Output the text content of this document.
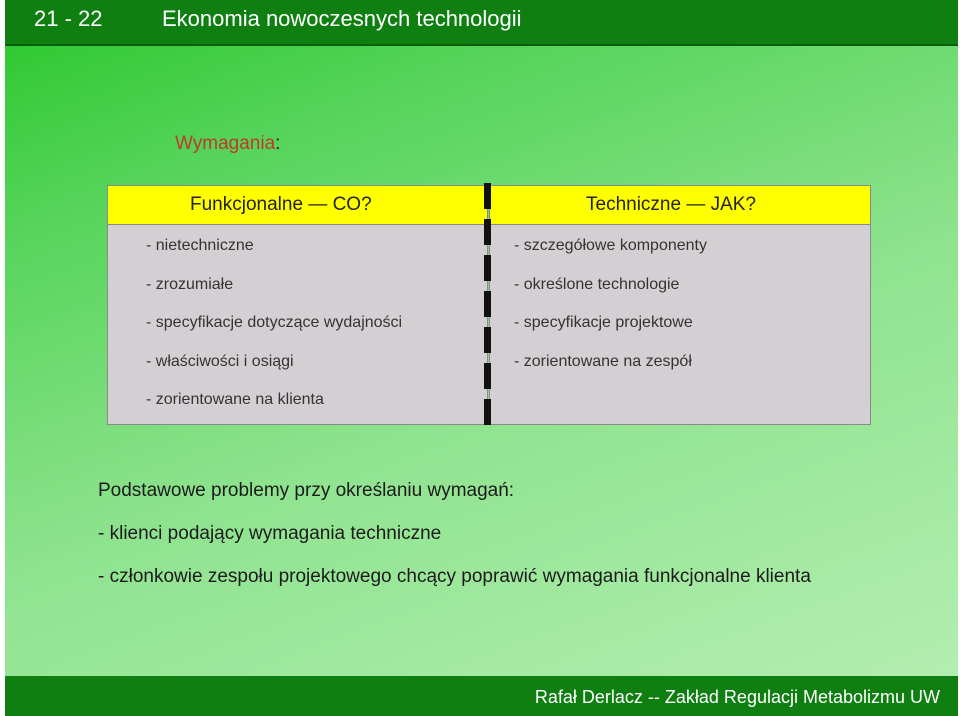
21 - 22	Ekonomia nowoczesnych technologii
Wymagania:
Funkcjonalne — CO?
- nietechniczne
- zrozumiałe
- specyfikacje dotyczące wydajności
- właściwości i osiągi
- zorientowane na klienta
Techniczne — JAK?
- szczegółowe komponenty
- określone technologie
- specyfikacje projektowe
- zorientowane na zespół
Podstawowe problemy przy określaniu wymagań:
- klienci podający wymagania techniczne
- członkowie zespołu projektowego chcący poprawić wymagania funkcjonalne klienta
Rafał Derlacz -- Zakład Regulacji Metabolizmu UW
